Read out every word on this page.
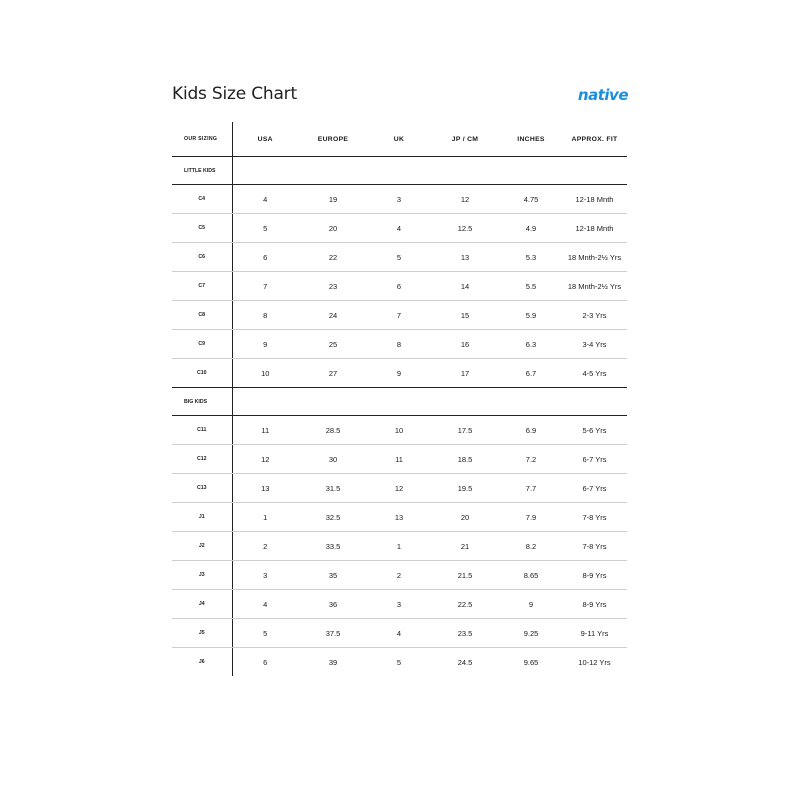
Kids Size Chart	native
OUR SIZING	USA	EUROPE	UK	JP / CM	INCHES	APPROX. FIT
LITTLE KIDS						
C4	4	19	3	12	4.75	12-18 Mnth
C5	5	20	4	12.5	4.9	12-18 Mnth
C6	6	22	5	13	5.3	18 Mnth-2½ Yrs
C7	7	23	6	14	5.5	18 Mnth-2½ Yrs
C8	8	24	7	15	5.9	2-3 Yrs
C9	9	25	8	16	6.3	3-4 Yrs
C10	10	27	9	17	6.7	4-5 Yrs
BIG KIDS						
C11	11	28.5	10	17.5	6.9	5-6 Yrs
C12	12	30	11	18.5	7.2	6-7 Yrs
C13	13	31.5	12	19.5	7.7	6-7 Yrs
J1	1	32.5	13	20	7.9	7-8 Yrs
J2	2	33.5	1	21	8.2	7-8 Yrs
J3	3	35	2	21.5	8.65	8-9 Yrs
J4	4	36	3	22.5	9	8-9 Yrs
J5	5	37.5	4	23.5	9.25	9-11 Yrs
J6	6	39	5	24.5	9.65	10-12 Yrs
